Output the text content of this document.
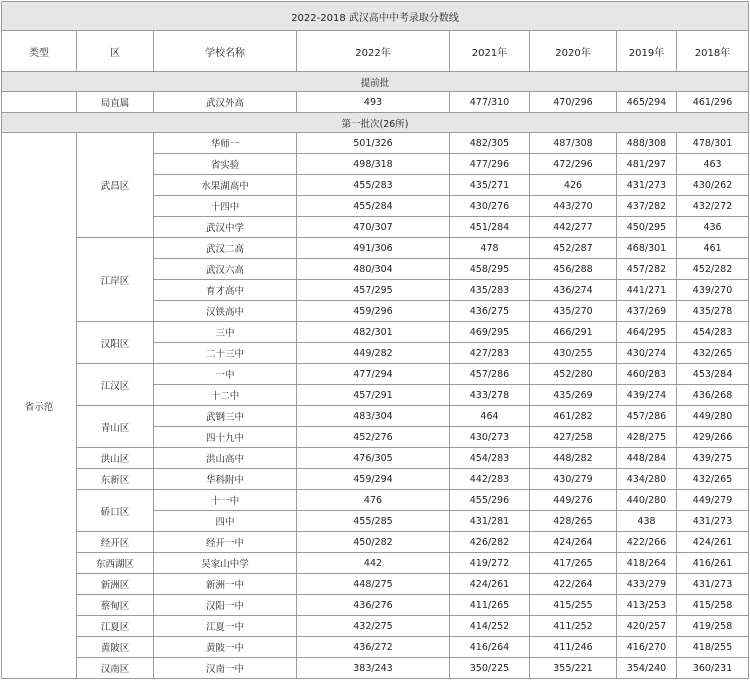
2022-2018 武汉高中中考录取分数线							
类型	区	学校名称	2022年	2021年	2020年	2019年	2018年
提前批							
	局直属	武汉外高	493	477/310	470/296	465/294	461/296
第一批次(26所)							
省示范	武昌区	华师一	501/326	482/305	487/308	488/308	478/301
		省实验	498/318	477/296	472/296	481/297	463
		水果湖高中	455/283	435/271	426	431/273	430/262
		十四中	455/284	430/276	443/270	437/282	432/272
		武汉中学	470/307	451/284	442/277	450/295	436
	江岸区	武汉二高	491/306	478	452/287	468/301	461
		武汉六高	480/304	458/295	456/288	457/282	452/282
		育才高中	457/295	435/283	436/274	441/271	439/270
		汉铁高中	459/296	436/275	435/270	437/269	435/278
	汉阳区	三中	482/301	469/295	466/291	464/295	454/283
		二十三中	449/282	427/283	430/255	430/274	432/265
	江汉区	一中	477/294	457/286	452/280	460/283	453/284
		十二中	457/291	433/278	435/269	439/274	436/268
	青山区	武钢三中	483/304	464	461/282	457/286	449/280
		四十九中	452/276	430/273	427/258	428/275	429/266
	洪山区	洪山高中	476/305	454/283	448/282	448/284	439/275
	东新区	华科附中	459/294	442/283	430/279	434/280	432/265
	硚口区	十一中	476	455/296	449/276	440/280	449/279
		四中	455/285	431/281	428/265	438	431/273
	经开区	经开一中	450/282	426/282	424/264	422/266	424/261
	东西湖区	吴家山中学	442	419/272	417/265	418/264	416/261
	新洲区	新洲一中	448/275	424/261	422/264	433/279	431/273
	蔡甸区	汉阳一中	436/276	411/265	415/255	413/253	415/258
	江夏区	江夏一中	432/275	414/252	411/252	420/257	419/258
	黄陂区	黄陂一中	436/272	416/264	411/246	416/270	418/255
	汉南区	汉南一中	383/243	350/225	355/221	354/240	360/231
